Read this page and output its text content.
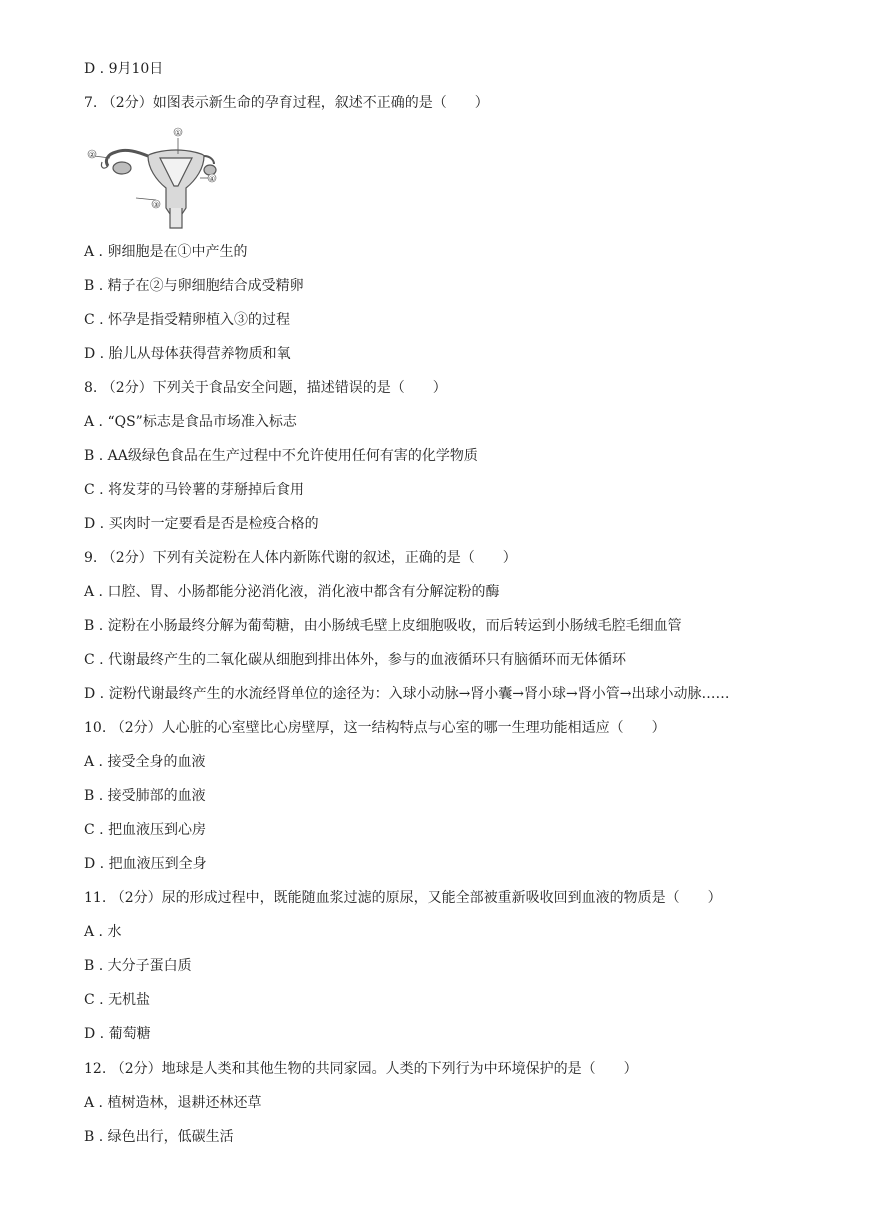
D . 9月10日
7. （2分）如图表示新生命的孕育过程，叙述不正确的是（　　）
①
②
③
④
A . 卵细胞是在①中产生的
B . 精子在②与卵细胞结合成受精卵
C . 怀孕是指受精卵植入③的过程
D . 胎儿从母体获得营养物质和氧
8. （2分）下列关于食品安全问题，描述错误的是（　　）
A . “QS”标志是食品市场准入标志
B . AA级绿色食品在生产过程中不允许使用任何有害的化学物质
C . 将发芽的马铃薯的芽掰掉后食用
D . 买肉时一定要看是否是检疫合格的
9. （2分）下列有关淀粉在人体内新陈代谢的叙述，正确的是（　　）
A . 口腔、胃、小肠都能分泌消化液，消化液中都含有分解淀粉的酶
B . 淀粉在小肠最终分解为葡萄糖，由小肠绒毛壁上皮细胞吸收，而后转运到小肠绒毛腔毛细血管
C . 代谢最终产生的二氧化碳从细胞到排出体外，参与的血液循环只有脑循环而无体循环
D . 淀粉代谢最终产生的水流经肾单位的途径为：入球小动脉→肾小囊→肾小球→肾小管→出球小动脉……
10. （2分）人心脏的心室壁比心房壁厚，这一结构特点与心室的哪一生理功能相适应（　　）
A . 接受全身的血液
B . 接受肺部的血液
C . 把血液压到心房
D . 把血液压到全身
11. （2分）尿的形成过程中，既能随血浆过滤的原尿，又能全部被重新吸收回到血液的物质是（　　）
A . 水
B . 大分子蛋白质
C . 无机盐
D . 葡萄糖
12. （2分）地球是人类和其他生物的共同家园。人类的下列行为中环境保护的是（　　）
A . 植树造林，退耕还林还草
B . 绿色出行，低碳生活
